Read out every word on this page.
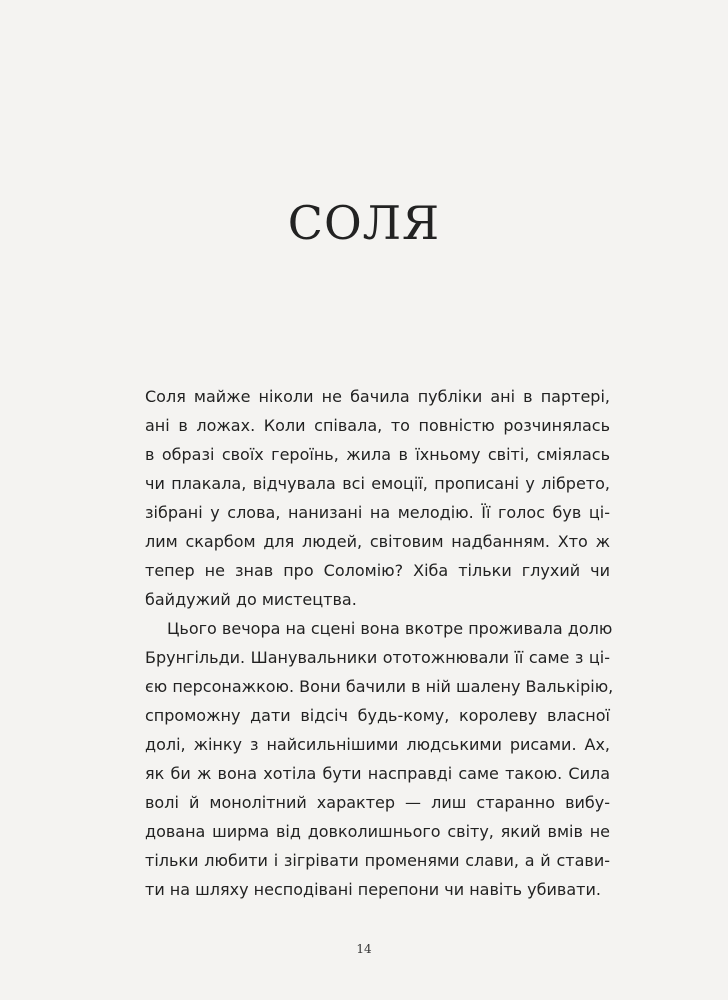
СОЛЯ
Соля майже ніколи не бачила публіки ані в партері,
ані в ложах. Коли співала, то повністю розчинялась
в образі своїх героїнь, жила в їхньому світі, сміялась
чи плакала, відчувала всі емоції, прописані у лібрето,
зібрані у слова, нанизані на мелодію. Її голос був ці-
лим скарбом для людей, світовим надбанням. Хто ж
тепер не знав про Соломію? Хіба тільки глухий чи
байдужий до мистецтва.
Цього вечора на сцені вона вкотре проживала долю
Брунгільди. Шанувальники ототожнювали її саме з ці-
єю персонажкою. Вони бачили в ній шалену Валькірію,
спроможну дати відсіч будь-кому, королеву власної
долі, жінку з найсильнішими людськими рисами. Ах,
як би ж вона хотіла бути насправді саме такою. Сила
волі й монолітний характер — лиш старанно вибу-
дована ширма від довколишнього світу, який вмів не
тільки любити і зігрівати променями слави, а й стави-
ти на шляху несподівані перепони чи навіть убивати.
14
